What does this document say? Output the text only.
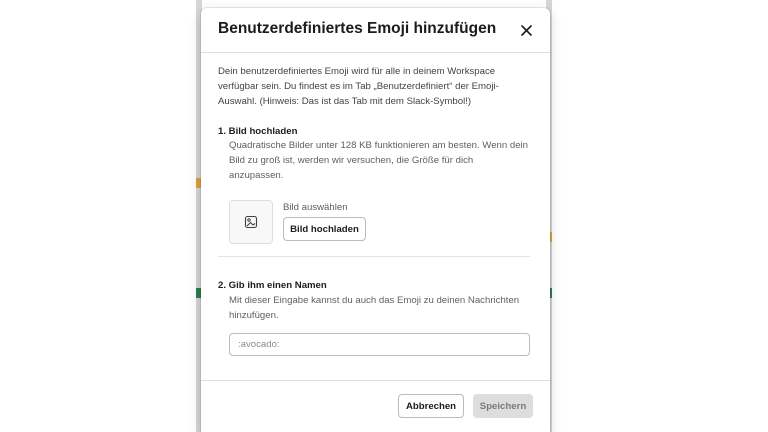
Benutzerdefiniertes Emoji hinzufügen
Dein benutzerdefiniertes Emoji wird für alle in deinem Workspace verfügbar sein. Du findest es im Tab „Benutzerdefiniert“ der Emoji-Auswahl. (Hinweis: Das ist das Tab mit dem Slack-Symbol!)
1. Bild hochladen
Quadratische Bilder unter 128 KB funktionieren am besten. Wenn dein Bild zu groß ist, werden wir versuchen, die Größe für dich anzupassen.
Bild auswählen
Bild hochladen
2. Gib ihm einen Namen
Mit dieser Eingabe kannst du auch das Emoji zu deinen Nachrichten hinzufügen.
:avocado:
Abbrechen	Speichern
